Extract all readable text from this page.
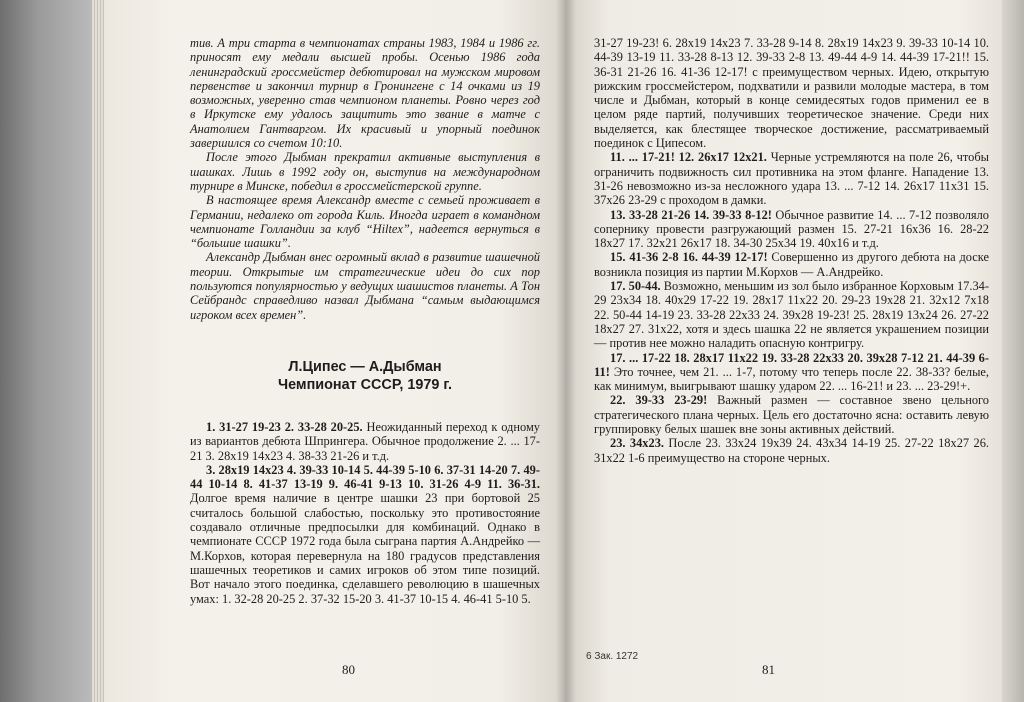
тив. А три старта в чемпионатах страны 1983, 1984 и 1986 гг. приносят ему медали высшей пробы. Осенью 1986 года ленинградский гроссмейстер дебютировал на мужском мировом первенстве и закончил турнир в Гронингене с 14 очками из 19 возможных, уверенно став чемпионом планеты. Ровно через год в Иркутске ему удалось защитить это звание в матче с Анатолием Гантваргом. Их красивый и упорный поединок завершился со счетом 10:10.

После этого Дыбман прекратил активные выступления в шашках. Лишь в 1992 году он, выступив на международном турнире в Минске, победил в гроссмейстерской группе.

В настоящее время Александр вместе с семьей проживает в Германии, недалеко от города Киль. Иногда играет в командном чемпионате Голландии за клуб “Hiltex”, надеется вернуться в “большие шашки”.

Александр Дыбман внес огромный вклад в развитие шашечной теории. Открытые им стратегические идеи до сих пор пользуются популярностью у ведущих шашистов планеты. А Тон Сейбрандс справедливо назвал Дыбмана “самым выдающимся игроком всех времен”.

Л.Ципес — А.Дыбман
Чемпионат СССР, 1979 г.

1. 31-27 19-23 2. 33-28 20-25. Неожиданный переход к одному из вариантов дебюта Шпрингера. Обычное продолжение 2. ... 17-21 3. 28x19 14x23 4. 38-33 21-26 и т.д.

3. 28x19 14x23 4. 39-33 10-14 5. 44-39 5-10 6. 37-31 14-20 7. 49-44 10-14 8. 41-37 13-19 9. 46-41 9-13 10. 31-26 4-9 11. 36-31. Долгое время наличие в центре шашки 23 при бортовой 25 считалось большой слабостью, поскольку это противостояние создавало отличные предпосылки для комбинаций. Однако в чемпионате СССР 1972 года была сыграна партия А.Андрейко — М.Корхов, которая перевернула на 180 градусов представления шашечных теоретиков и самих игроков об этом типе позиций. Вот начало этого поединка, сделавшего революцию в шашечных умах: 1. 32-28 20-25 2. 37-32 15-20 3. 41-37 10-15 4. 46-41 5-10 5.

80

31-27 19-23! 6. 28x19 14x23 7. 33-28 9-14 8. 28x19 14x23 9. 39-33 10-14 10. 44-39 13-19 11. 33-28 8-13 12. 39-33 2-8 13. 49-44 4-9 14. 44-39 17-21!! 15. 36-31 21-26 16. 41-36 12-17! с преимуществом черных. Идею, открытую рижским гроссмейстером, подхватили и развили молодые мастера, в том числе и Дыбман, который в конце семидесятых годов применил ее в целом ряде партий, получивших теоретическое значение. Среди них выделяется, как блестящее творческое достижение, рассматриваемый поединок с Ципесом.

11. ... 17-21! 12. 26x17 12x21. Черные устремляются на поле 26, чтобы ограничить подвижность сил противника на этом фланге. Нападение 13. 31-26 невозможно из-за несложного удара 13. ... 7-12 14. 26x17 11x31 15. 37x26 23-29 с проходом в дамки.

13. 33-28 21-26 14. 39-33 8-12! Обычное развитие 14. ... 7-12 позволяло сопернику провести разгружающий размен 15. 27-21 16x36 16. 28-22 18x27 17. 32x21 26x17 18. 34-30 25x34 19. 40x16 и т.д.

15. 41-36 2-8 16. 44-39 12-17! Совершенно из другого дебюта на доске возникла позиция из партии М.Корхов — А.Андрейко.

17. 50-44. Возможно, меньшим из зол было избранное Корховым 17.34-29 23x34 18. 40x29 17-22 19. 28x17 11x22 20. 29-23 19x28 21. 32x12 7x18 22. 50-44 14-19 23. 33-28 22x33 24. 39x28 19-23! 25. 28x19 13x24 26. 27-22 18x27 27. 31x22, хотя и здесь шашка 22 не является украшением позиции — против нее можно наладить опасную контригру.

17. ... 17-22 18. 28x17 11x22 19. 33-28 22x33 20. 39x28 7-12 21. 44-39 6-11! Это точнее, чем 21. ... 1-7, потому что теперь после 22. 38-33? белые, как минимум, выигрывают шашку ударом 22. ... 16-21! и 23. ... 23-29!+.

22. 39-33 23-29! Важный размен — составное звено цельного стратегического плана черных. Цель его достаточно ясна: оставить левую группировку белых шашек вне зоны активных действий.

23. 34x23. После 23. 33x24 19x39 24. 43x34 14-19 25. 27-22 18x27 26. 31x22 1-6 преимущество на стороне черных.

6 Зак. 1272
81
